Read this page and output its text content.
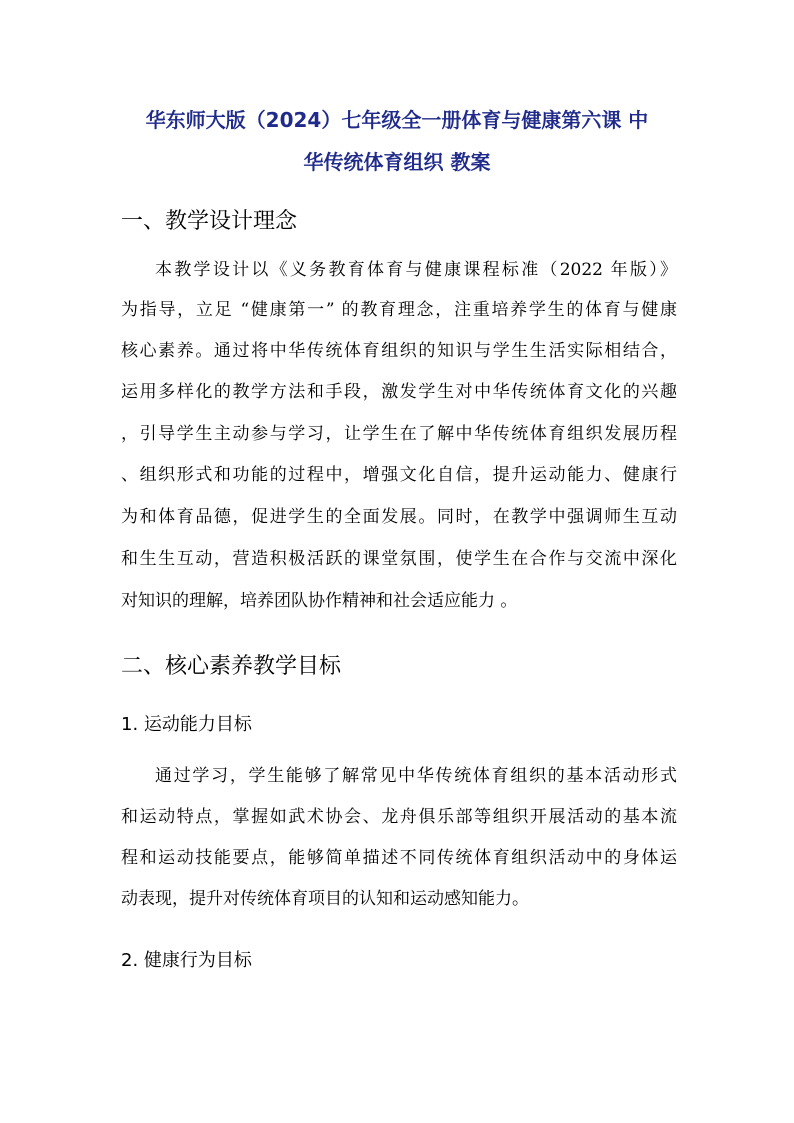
华东师大版（2024）七年级全一册体育与健康第六课 中
华传统体育组织 教案
一、教学设计理念
本教学设计以《义务教育体育与健康课程标准（2022 年版）》
为指导，立足 “健康第一” 的教育理念，注重培养学生的体育与健康
核心素养。通过将中华传统体育组织的知识与学生生活实际相结合，
运用多样化的教学方法和手段，激发学生对中华传统体育文化的兴趣
，引导学生主动参与学习，让学生在了解中华传统体育组织发展历程
、组织形式和功能的过程中，增强文化自信，提升运动能力、健康行
为和体育品德，促进学生的全面发展。同时，在教学中强调师生互动
和生生互动，营造积极活跃的课堂氛围，使学生在合作与交流中深化
对知识的理解，培养团队协作精神和社会适应能力 。
二、核心素养教学目标
1. 运动能力目标
通过学习，学生能够了解常见中华传统体育组织的基本活动形式
和运动特点，掌握如武术协会、龙舟俱乐部等组织开展活动的基本流
程和运动技能要点，能够简单描述不同传统体育组织活动中的身体运
动表现，提升对传统体育项目的认知和运动感知能力。
2. 健康行为目标
